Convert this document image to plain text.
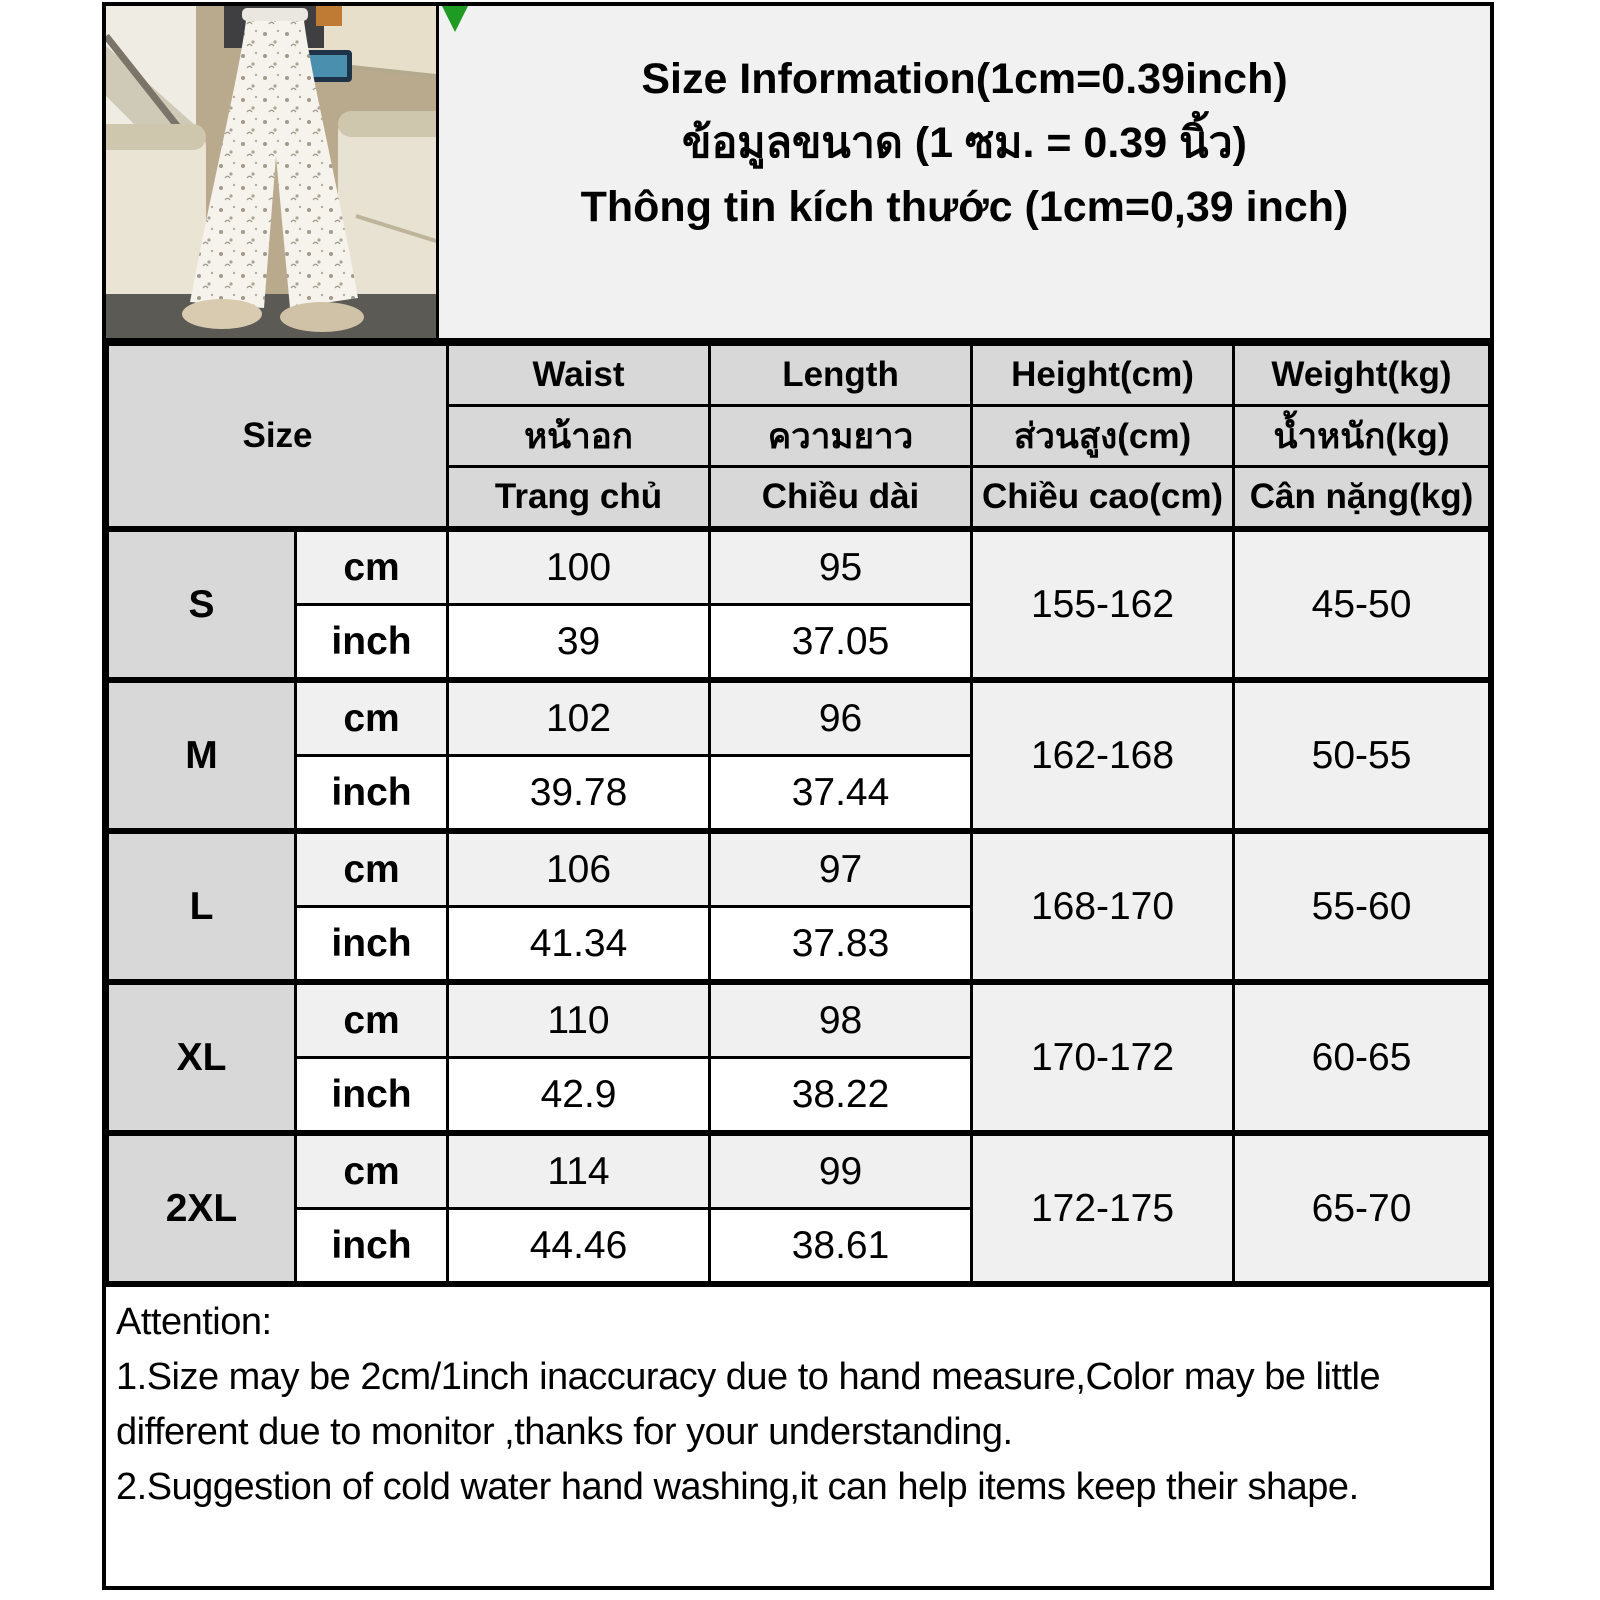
Size Information(1cm=0.39inch)
ข้อมูลขนาด (1 ซม. = 0.39 นิ้ว)
Thông tin kích thước (1cm=0,39 inch)
Size		Waist	Length	Height(cm)	Weight(kg)
		หน้าอก	ความยาว	ส่วนสูง(cm)	น้ำหนัก(kg)
		Trang chủ	Chiều dài	Chiều cao(cm)	Cân nặng(kg)
S	cm	100	95	155-162	45-50
	inch	39	37.05		
M	cm	102	96	162-168	50-55
	inch	39.78	37.44		
L	cm	106	97	168-170	55-60
	inch	41.34	37.83		
XL	cm	110	98	170-172	60-65
	inch	42.9	38.22		
2XL	cm	114	99	172-175	65-70
	inch	44.46	38.61		

Attention:

1.Size may be 2cm/1inch inaccuracy due to hand measure,Color may be little different due to monitor ,thanks for your understanding.

2.Suggestion of cold water hand washing,it can help items keep their shape.
